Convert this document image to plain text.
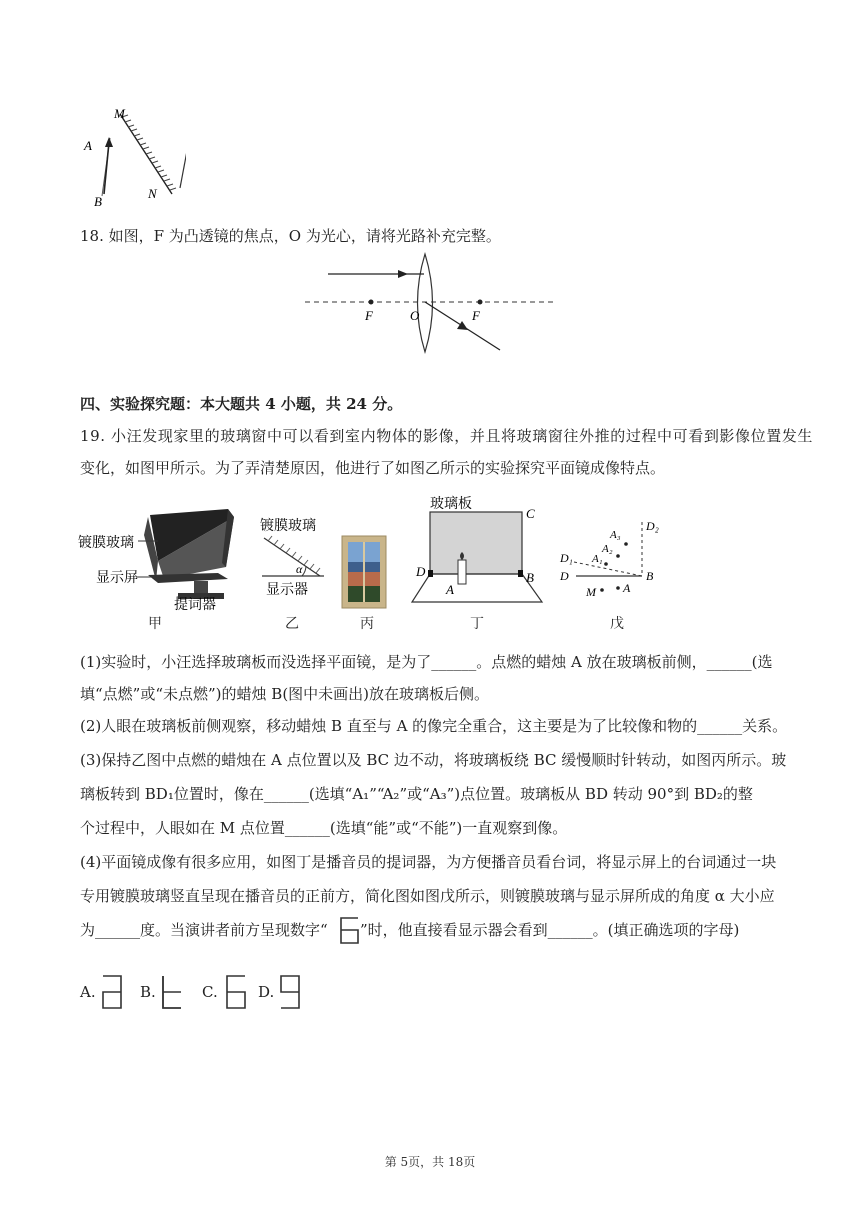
A
B
M
N
18. 如图，F 为凸透镜的焦点，O 为光心，请将光路补充完整。
F	O	F
四、实验探究题：本大题共 4 小题，共 24 分。
19. 小汪发现家里的玻璃窗中可以看到室内物体的影像，并且将玻璃窗往外推的过程中可看到影像位置发生
变化，如图甲所示。为了弄清楚原因，他进行了如图乙所示的实验探究平面镜成像特点。
镀膜玻璃
显示屏
提词器
甲
镀膜玻璃
α
显示器
乙	丙
玻璃板
C
D	B
A
丁
D₂
D₁
D	B
A₁
A₂
A₃
M A
戊
(1)实验时，小汪选择玻璃板而没选择平面镜，是为了______。点燃的蜡烛 A 放在玻璃板前侧，______(选
填“点燃”或“未点燃”)的蜡烛 B(图中未画出)放在玻璃板后侧。
(2)人眼在玻璃板前侧观察，移动蜡烛 B 直至与 A 的像完全重合，这主要是为了比较像和物的______关系。
(3)保持乙图中点燃的蜡烛在 A 点位置以及 BC 边不动，将玻璃板绕 BC 缓慢顺时针转动，如图丙所示。玻
璃板转到 BD₁位置时，像在______(选填“A₁”“A₂”或“A₃”)点位置。玻璃板从 BD 转动 90°到 BD₂的整
个过程中，人眼如在 M 点位置______(选填“能”或“不能”)一直观察到像。
(4)平面镜成像有很多应用，如图丁是播音员的提词器，为方便播音员看台词，将显示屏上的台词通过一块
专用镀膜玻璃竖直呈现在播音员的正前方，简化图如图戊所示，则镀膜玻璃与显示屏所成的角度 α 大小应
为______度。当演讲者前方呈现数字“ ”时，他直接看显示器会看到______。(填正确选项的字母)
A.	B.	C.	D.
第 5页，共 18页
